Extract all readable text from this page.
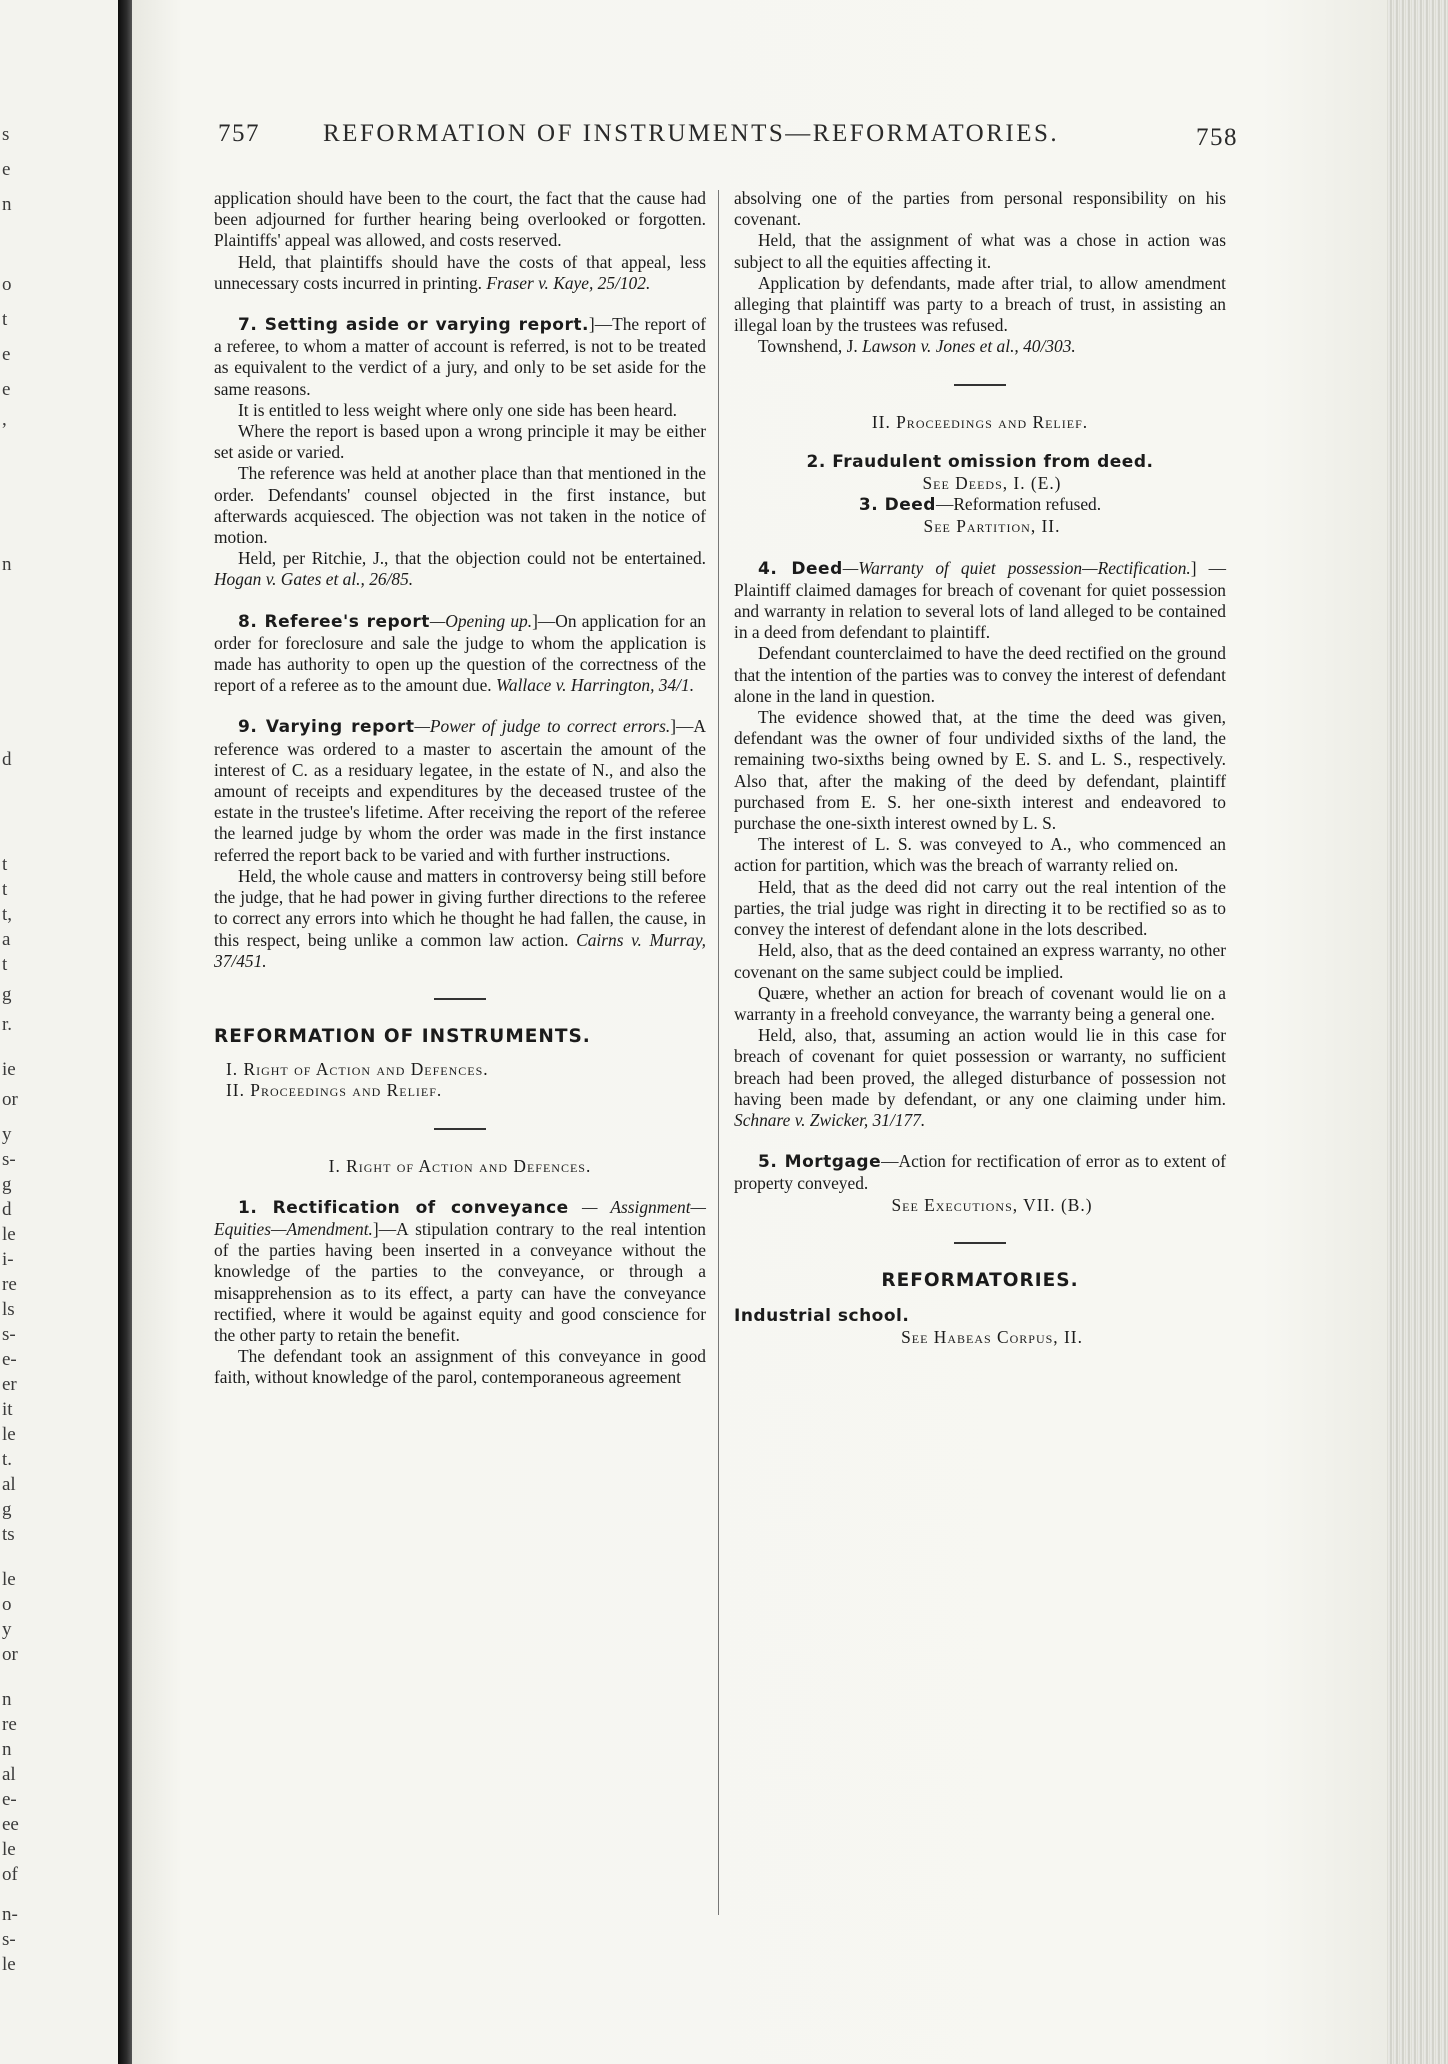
s
e
n
o
t
e
e
,
n
d
t
t
t,
a
t
g
r.
ie
or
y
s-
g
d
le
i-
re
ls
s-
e-
er
it
le
t.
al
g
ts
le
o
y
or
n
re
n
al
e-
ee
le
of
n-
s-
le
757	REFORMATION OF INSTRUMENTS—REFORMATORIES.	758

application should have been to the court, the fact that the cause had been adjourned for further hearing being overlooked or forgotten. Plaintiffs' appeal was allowed, and costs reserved.

Held, that plaintiffs should have the costs of that appeal, less unnecessary costs incurred in printing. Fraser v. Kaye, 25/102.

7. Setting aside or varying report.]—The report of a referee, to whom a matter of account is referred, is not to be treated as equivalent to the verdict of a jury, and only to be set aside for the same reasons.

It is entitled to less weight where only one side has been heard.

Where the report is based upon a wrong principle it may be either set aside or varied.

The reference was held at another place than that mentioned in the order. Defendants' counsel objected in the first instance, but afterwards acquiesced. The objection was not taken in the notice of motion.

Held, per Ritchie, J., that the objection could not be entertained. Hogan v. Gates et al., 26/85.

8. Referee's report—Opening up.]—On application for an order for foreclosure and sale the judge to whom the application is made has authority to open up the question of the correctness of the report of a referee as to the amount due. Wallace v. Harrington, 34/1.

9. Varying report—Power of judge to correct errors.]—A reference was ordered to a master to ascertain the amount of the interest of C. as a residuary legatee, in the estate of N., and also the amount of receipts and expenditures by the deceased trustee of the estate in the trustee's lifetime. After receiving the report of the referee the learned judge by whom the order was made in the first instance referred the report back to be varied and with further instructions.

Held, the whole cause and matters in controversy being still before the judge, that he had power in giving further directions to the referee to correct any errors into which he thought he had fallen, the cause, in this respect, being unlike a common law action. Cairns v. Murray, 37/451.

REFORMATION OF INSTRUMENTS.

I. Right of Action and Defences.
II. Proceedings and Relief.

I. Right of Action and Defences.

1. Rectification of conveyance — Assignment—Equities—Amendment.]—A stipulation contrary to the real intention of the parties having been inserted in a conveyance without the knowledge of the parties to the conveyance, or through a misapprehension as to its effect, a party can have the conveyance rectified, where it would be against equity and good conscience for the other party to retain the benefit.

The defendant took an assignment of this conveyance in good faith, without knowledge of the parol, contemporaneous agreement

absolving one of the parties from personal responsibility on his covenant.

Held, that the assignment of what was a chose in action was subject to all the equities affecting it.

Application by defendants, made after trial, to allow amendment alleging that plaintiff was party to a breach of trust, in assisting an illegal loan by the trustees was refused.

Townshend, J. Lawson v. Jones et al., 40/303.

II. Proceedings and Relief.

2. Fraudulent omission from deed.

See Deeds, I. (E.)

3. Deed—Reformation refused.

See Partition, II.

4. Deed—Warranty of quiet possession—Rectification.] — Plaintiff claimed damages for breach of covenant for quiet possession and warranty in relation to several lots of land alleged to be contained in a deed from defendant to plaintiff.

Defendant counterclaimed to have the deed rectified on the ground that the intention of the parties was to convey the interest of defendant alone in the land in question.

The evidence showed that, at the time the deed was given, defendant was the owner of four undivided sixths of the land, the remaining two-sixths being owned by E. S. and L. S., respectively. Also that, after the making of the deed by defendant, plaintiff purchased from E. S. her one-sixth interest and endeavored to purchase the one-sixth interest owned by L. S.

The interest of L. S. was conveyed to A., who commenced an action for partition, which was the breach of warranty relied on.

Held, that as the deed did not carry out the real intention of the parties, the trial judge was right in directing it to be rectified so as to convey the interest of defendant alone in the lots described.

Held, also, that as the deed contained an express warranty, no other covenant on the same subject could be implied.

Quære, whether an action for breach of covenant would lie on a warranty in a freehold conveyance, the warranty being a general one.

Held, also, that, assuming an action would lie in this case for breach of covenant for quiet possession or warranty, no sufficient breach had been proved, the alleged disturbance of possession not having been made by defendant, or any one claiming under him. Schnare v. Zwicker, 31/177.

5. Mortgage—Action for rectification of error as to extent of property conveyed.

See Executions, VII. (B.)

REFORMATORIES.

Industrial school.

See Habeas Corpus, II.
